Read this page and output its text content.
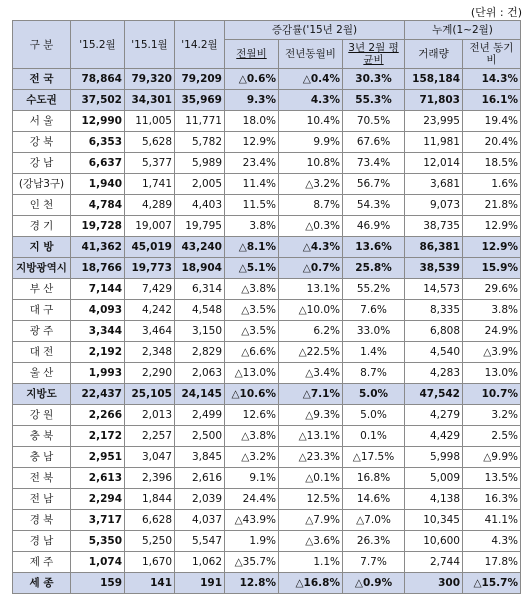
(단위 : 건)
구 분	'15.2월	'15.1월	'14.2월	증감률('15년 2월)			누계(1~2월)	
				전월비	전년동월비	3년 2월 평균비	거래량	전년 동기비
전 국	78,864	79,320	79,209	△0.6%	△0.4%	30.3%	158,184	14.3%
수도권	37,502	34,301	35,969	9.3%	4.3%	55.3%	71,803	16.1%
서 울	12,990	11,005	11,771	18.0%	10.4%	70.5%	23,995	19.4%
강 북	6,353	5,628	5,782	12.9%	9.9%	67.6%	11,981	20.4%
강 남	6,637	5,377	5,989	23.4%	10.8%	73.4%	12,014	18.5%
(강남3구)	1,940	1,741	2,005	11.4%	△3.2%	56.7%	3,681	1.6%
인 천	4,784	4,289	4,403	11.5%	8.7%	54.3%	9,073	21.8%
경 기	19,728	19,007	19,795	3.8%	△0.3%	46.9%	38,735	12.9%
지 방	41,362	45,019	43,240	△8.1%	△4.3%	13.6%	86,381	12.9%
지방광역시	18,766	19,773	18,904	△5.1%	△0.7%	25.8%	38,539	15.9%
부 산	7,144	7,429	6,314	△3.8%	13.1%	55.2%	14,573	29.6%
대 구	4,093	4,242	4,548	△3.5%	△10.0%	7.6%	8,335	3.8%
광 주	3,344	3,464	3,150	△3.5%	6.2%	33.0%	6,808	24.9%
대 전	2,192	2,348	2,829	△6.6%	△22.5%	1.4%	4,540	△3.9%
울 산	1,993	2,290	2,063	△13.0%	△3.4%	8.7%	4,283	13.0%
지방도	22,437	25,105	24,145	△10.6%	△7.1%	5.0%	47,542	10.7%
강 원	2,266	2,013	2,499	12.6%	△9.3%	5.0%	4,279	3.2%
충 북	2,172	2,257	2,500	△3.8%	△13.1%	0.1%	4,429	2.5%
충 남	2,951	3,047	3,845	△3.2%	△23.3%	△17.5%	5,998	△9.9%
전 북	2,613	2,396	2,616	9.1%	△0.1%	16.8%	5,009	13.5%
전 남	2,294	1,844	2,039	24.4%	12.5%	14.6%	4,138	16.3%
경 북	3,717	6,628	4,037	△43.9%	△7.9%	△7.0%	10,345	41.1%
경 남	5,350	5,250	5,547	1.9%	△3.6%	26.3%	10,600	4.3%
제 주	1,074	1,670	1,062	△35.7%	1.1%	7.7%	2,744	17.8%
세 종	159	141	191	12.8%	△16.8%	△0.9%	300	△15.7%
